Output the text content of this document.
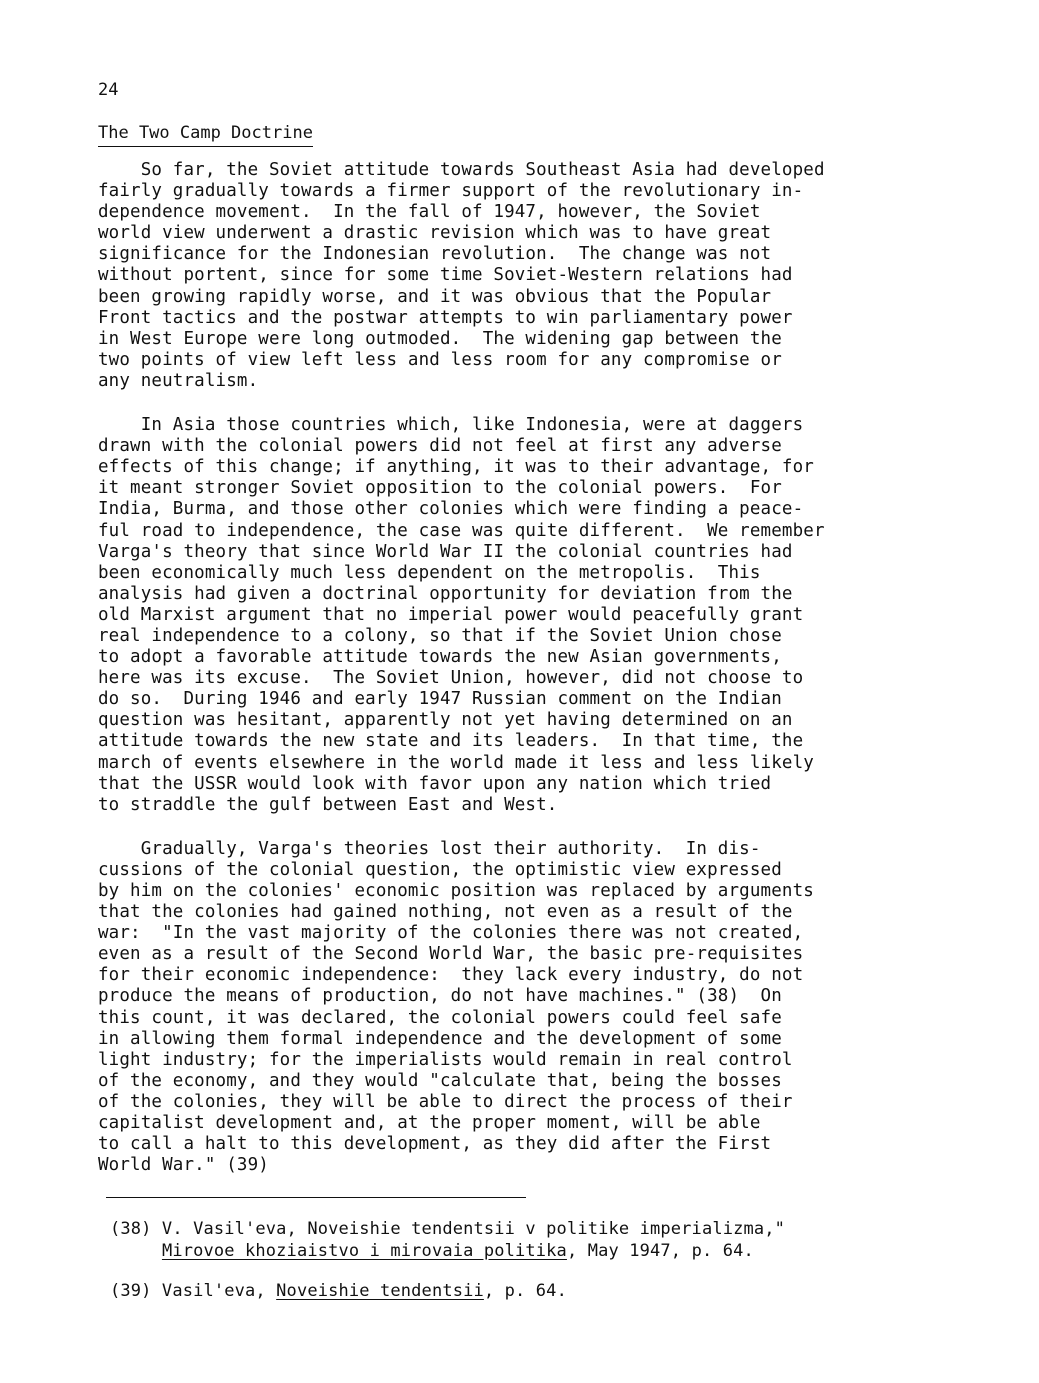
24
The Two Camp Doctrine
So far, the Soviet attitude towards Southeast Asia had developed
fairly gradually towards a firmer support of the revolutionary in-
dependence movement.  In the fall of 1947, however, the Soviet
world view underwent a drastic revision which was to have great
significance for the Indonesian revolution.  The change was not
without portent, since for some time Soviet-Western relations had
been growing rapidly worse, and it was obvious that the Popular
Front tactics and the postwar attempts to win parliamentary power
in West Europe were long outmoded.  The widening gap between the
two points of view left less and less room for any compromise or
any neutralism.
In Asia those countries which, like Indonesia, were at daggers
drawn with the colonial powers did not feel at first any adverse
effects of this change; if anything, it was to their advantage, for
it meant stronger Soviet opposition to the colonial powers.  For
India, Burma, and those other colonies which were finding a peace-
ful road to independence, the case was quite different.  We remember
Varga's theory that since World War II the colonial countries had
been economically much less dependent on the metropolis.  This
analysis had given a doctrinal opportunity for deviation from the
old Marxist argument that no imperial power would peacefully grant
real independence to a colony, so that if the Soviet Union chose
to adopt a favorable attitude towards the new Asian governments,
here was its excuse.  The Soviet Union, however, did not choose to
do so.  During 1946 and early 1947 Russian comment on the Indian
question was hesitant, apparently not yet having determined on an
attitude towards the new state and its leaders.  In that time, the
march of events elsewhere in the world made it less and less likely
that the USSR would look with favor upon any nation which tried
to straddle the gulf between East and West.
Gradually, Varga's theories lost their authority.  In dis-
cussions of the colonial question, the optimistic view expressed
by him on the colonies' economic position was replaced by arguments
that the colonies had gained nothing, not even as a result of the
war:  "In the vast majority of the colonies there was not created,
even as a result of the Second World War, the basic pre-requisites
for their economic independence:  they lack every industry, do not
produce the means of production, do not have machines." (38)  On
this count, it was declared, the colonial powers could feel safe
in allowing them formal independence and the development of some
light industry; for the imperialists would remain in real control
of the economy, and they would "calculate that, being the bosses
of the colonies, they will be able to direct the process of their
capitalist development and, at the proper moment, will be able
to call a halt to this development, as they did after the First
World War." (39)
(38) V. Vasil'eva, Noveishie tendentsii v politike imperializma,"
Mirovoe khoziaistvo i mirovaia politika, May 1947, p. 64.
(39) Vasil'eva, Noveishie tendentsii, p. 64.
